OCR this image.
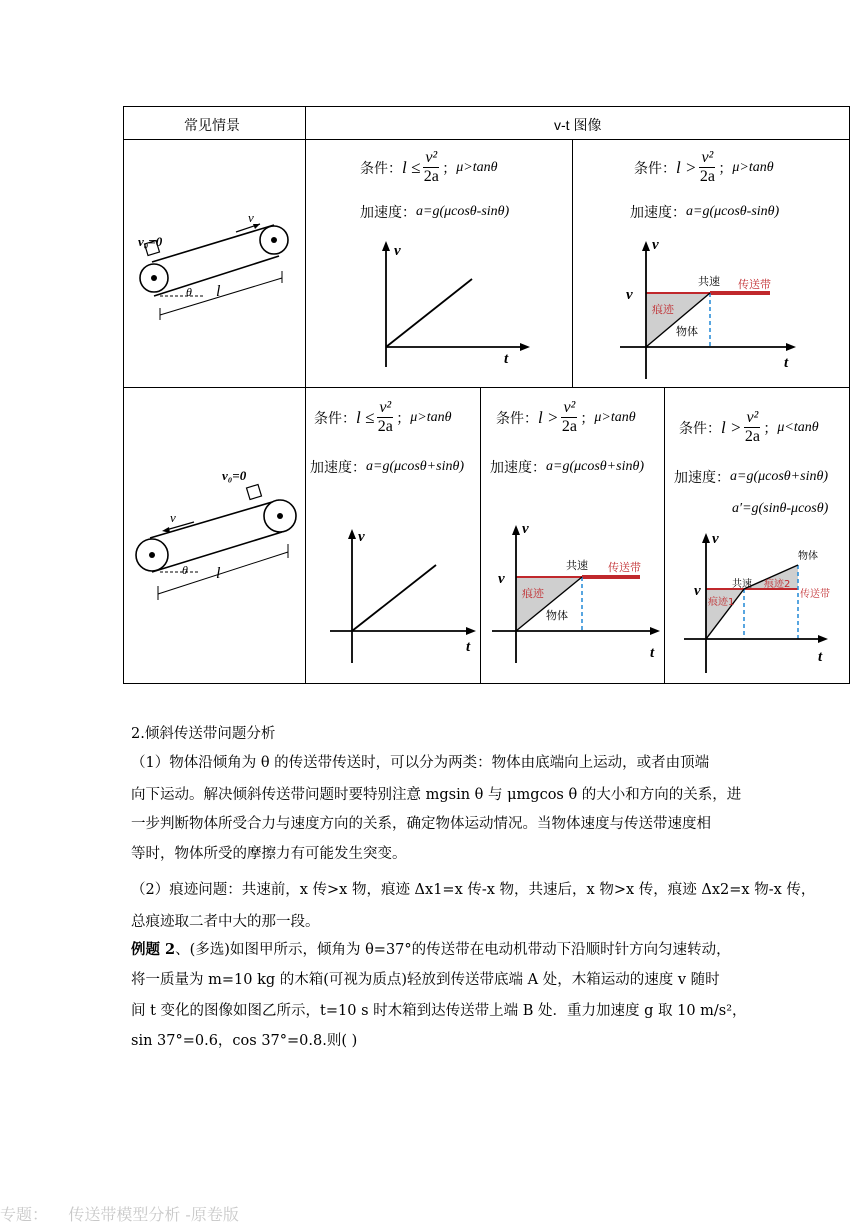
常见情景	v-t 图像
v₀=0
v
θ l
条件： $l \le \frac{\text{v²}}{2a}$ ； μ>tanθ
加速度： a=g(μcosθ-sinθ)
v
t
条件： $l > \frac{\text{v²}}{2a}$ ； μ>tanθ
加速度： a=g(μcosθ-sinθ)
v
t
v
共速 传送带
痕迹
物体
v₀=0
v
θ l
条件： $l \le \frac{\text{v²}}{2a}$ ； μ>tanθ
加速度： a=g(μcosθ+sinθ)
v
t
条件： $l > \frac{\text{v²}}{2a}$ ； μ>tanθ
加速度： a=g(μcosθ+sinθ)
v
t
v
共速 传送带
痕迹
物体
条件： $l > \frac{\text{v²}}{2a}$ ； μ<tanθ
加速度： a=g(μcosθ+sinθ)
a′=g(sinθ-μcosθ)
v
t
v	共速
传送带
痕迹1
痕迹2
物体
2.倾斜传送带问题分析
（1）物体沿倾角为 θ 的传送带传送时，可以分为两类：物体由底端向上运动，或者由顶端
向下运动。解决倾斜传送带问题时要特别注意 mgsin θ 与 μmgcos θ 的大小和方向的关系，进
一步判断物体所受合力与速度方向的关系，确定物体运动情况。当物体速度与传送带速度相
等时，物体所受的摩擦力有可能发生突变。
（2）痕迹问题：共速前，x 传>x 物，痕迹 Δx1=x 传-x 物，共速后，x 物>x 传，痕迹 Δx2=x 物-x 传，
总痕迹取二者中大的那一段。
例题 2、(多选)如图甲所示，倾角为 θ=37°的传送带在电动机带动下沿顺时针方向匀速转动，
将一质量为 m=10 kg 的木箱(可视为质点)轻放到传送带底端 A 处，木箱运动的速度 v 随时
间 t 变化的图像如图乙所示，t=10 s 时木箱到达传送带上端 B 处．重力加速度 g 取 10 m/s²，
sin 37°=0.6，cos 37°=0.8.则( )
专题：    传送带模型分析 -原卷版
